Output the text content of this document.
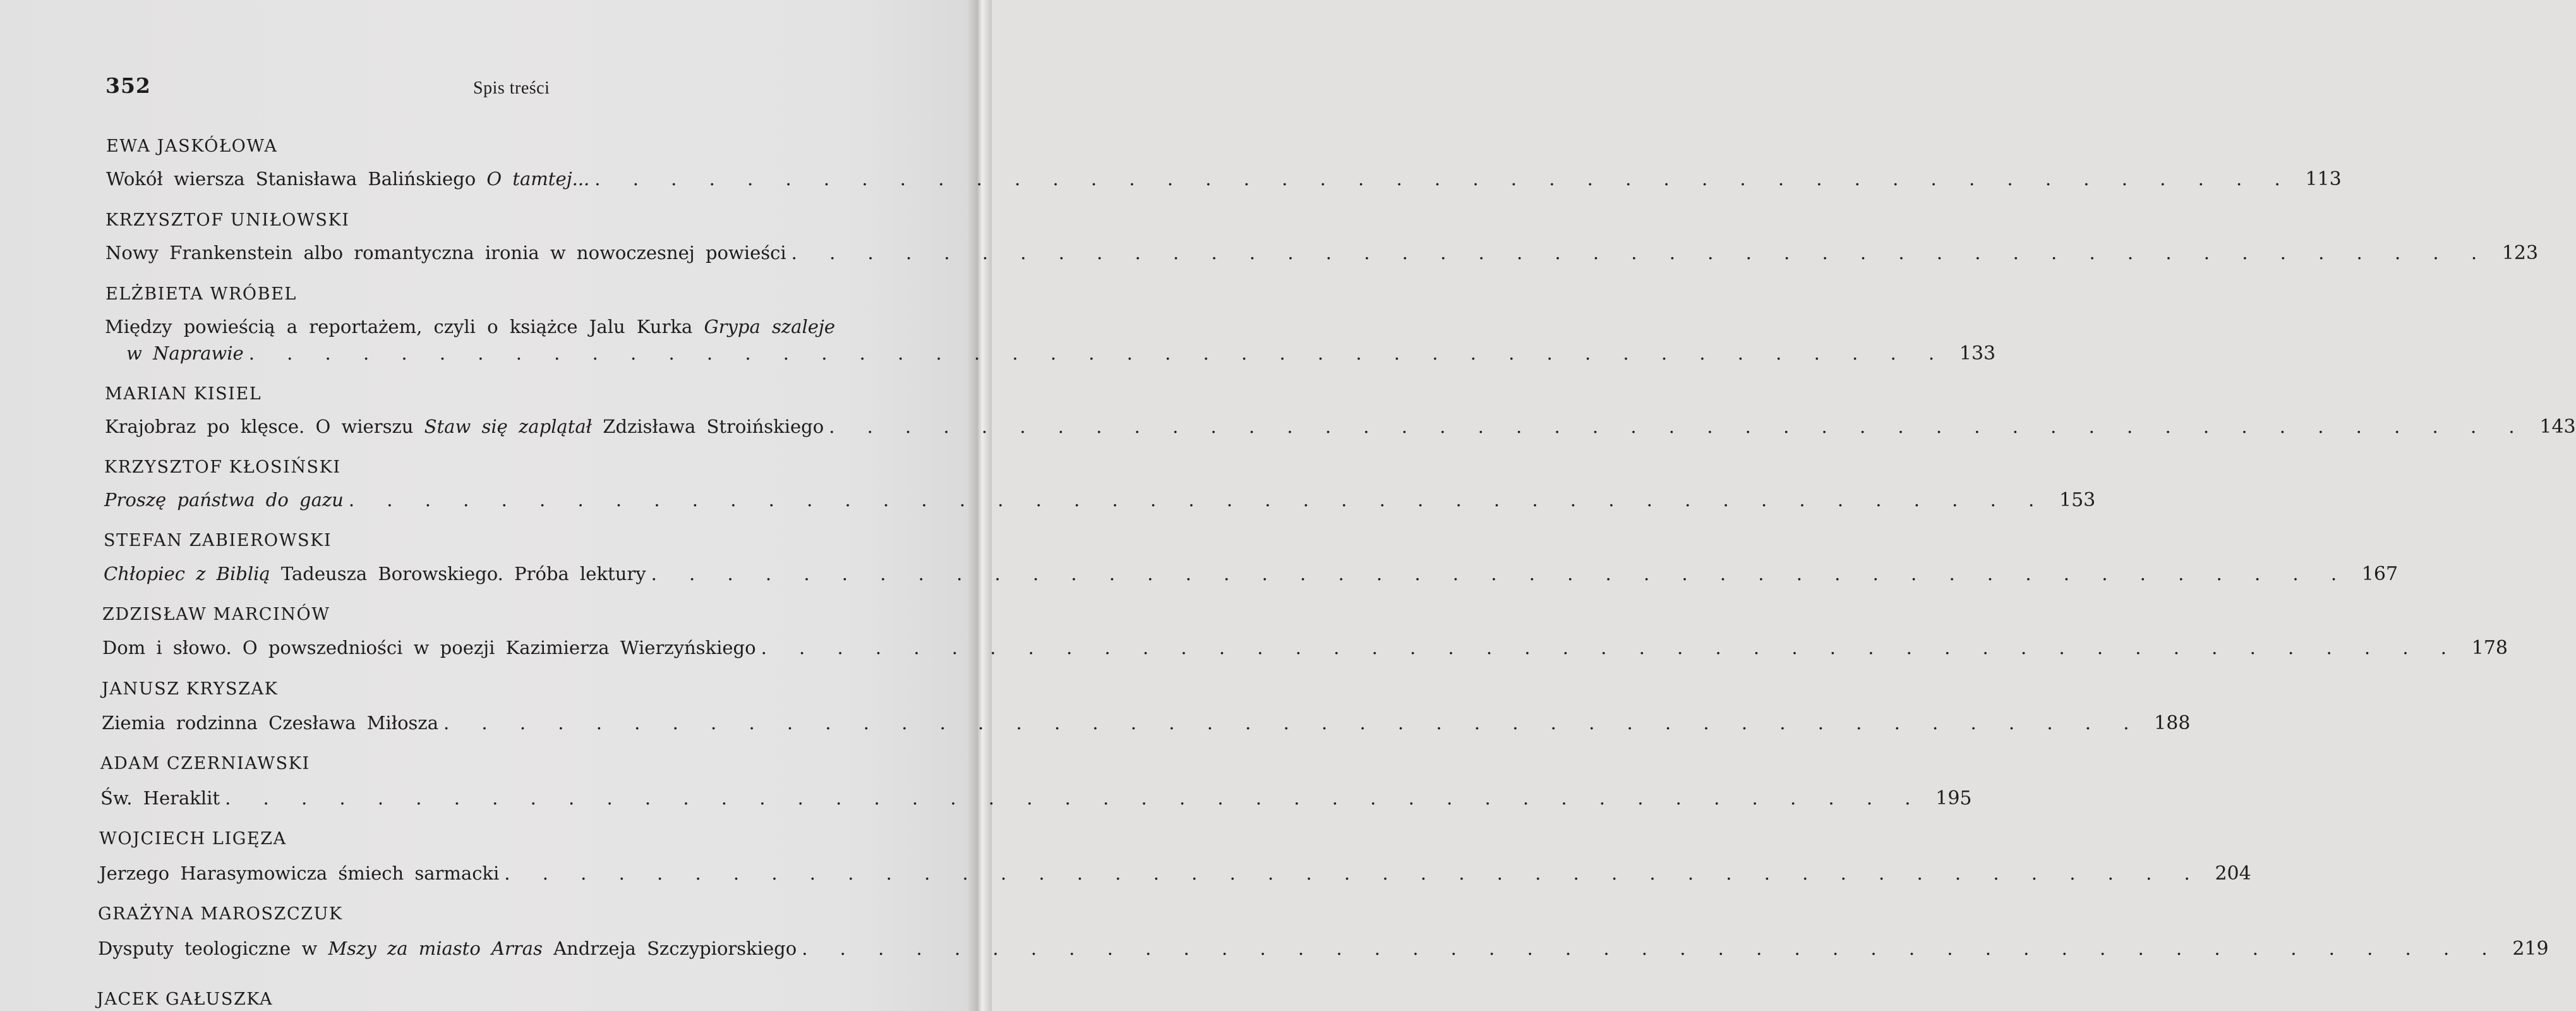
352	Spis treści
EWA JASKÓŁOWA
Wokół wiersza Stanisława Balińskiego O tamtej... . . . . . . . . . . . . . . . . . . . . . . . . . . . . . . . . . . . . . . . . . . . . . 113
KRZYSZTOF UNIŁOWSKI
Nowy Frankenstein albo romantyczna ironia w nowoczesnej powieści . . . . . . . . . . . . . . . . . . . . . . . . . . . . . . . . . . . . . . . . . . . . . 123
ELŻBIETA WRÓBEL
Między powieścią a reportażem, czyli o książce Jalu Kurka Grypa szaleje
w Naprawie . . . . . . . . . . . . . . . . . . . . . . . . . . . . . . . . . . . . . . . . . . . . . 133
MARIAN KISIEL
Krajobraz po klęsce. O wierszu Staw się zaplątał Zdzisława Stroińskiego . . . . . . . . . . . . . . . . . . . . . . . . . . . . . . . . . . . . . . . . . . . . . 143
KRZYSZTOF KŁOSIŃSKI
Proszę państwa do gazu . . . . . . . . . . . . . . . . . . . . . . . . . . . . . . . . . . . . . . . . . . . . . 153
STEFAN ZABIEROWSKI
Chłopiec z Biblią Tadeusza Borowskiego. Próba lektury . . . . . . . . . . . . . . . . . . . . . . . . . . . . . . . . . . . . . . . . . . . . . 167
ZDZISŁAW MARCINÓW
Dom i słowo. O powszedniości w poezji Kazimierza Wierzyńskiego . . . . . . . . . . . . . . . . . . . . . . . . . . . . . . . . . . . . . . . . . . . . . 178
JANUSZ KRYSZAK
Ziemia rodzinna Czesława Miłosza . . . . . . . . . . . . . . . . . . . . . . . . . . . . . . . . . . . . . . . . . . . . . 188
ADAM CZERNIAWSKI
Św. Heraklit . . . . . . . . . . . . . . . . . . . . . . . . . . . . . . . . . . . . . . . . . . . . . 195
WOJCIECH LIGĘZA
Jerzego Harasymowicza śmiech sarmacki . . . . . . . . . . . . . . . . . . . . . . . . . . . . . . . . . . . . . . . . . . . . . 204
GRAŻYNA MAROSZCZUK
Dysputy teologiczne w Mszy za miasto Arras Andrzeja Szczypiorskiego . . . . . . . . . . . . . . . . . . . . . . . . . . . . . . . . . . . . . . . . . . . . . 219
JACEK GAŁUSZKA
